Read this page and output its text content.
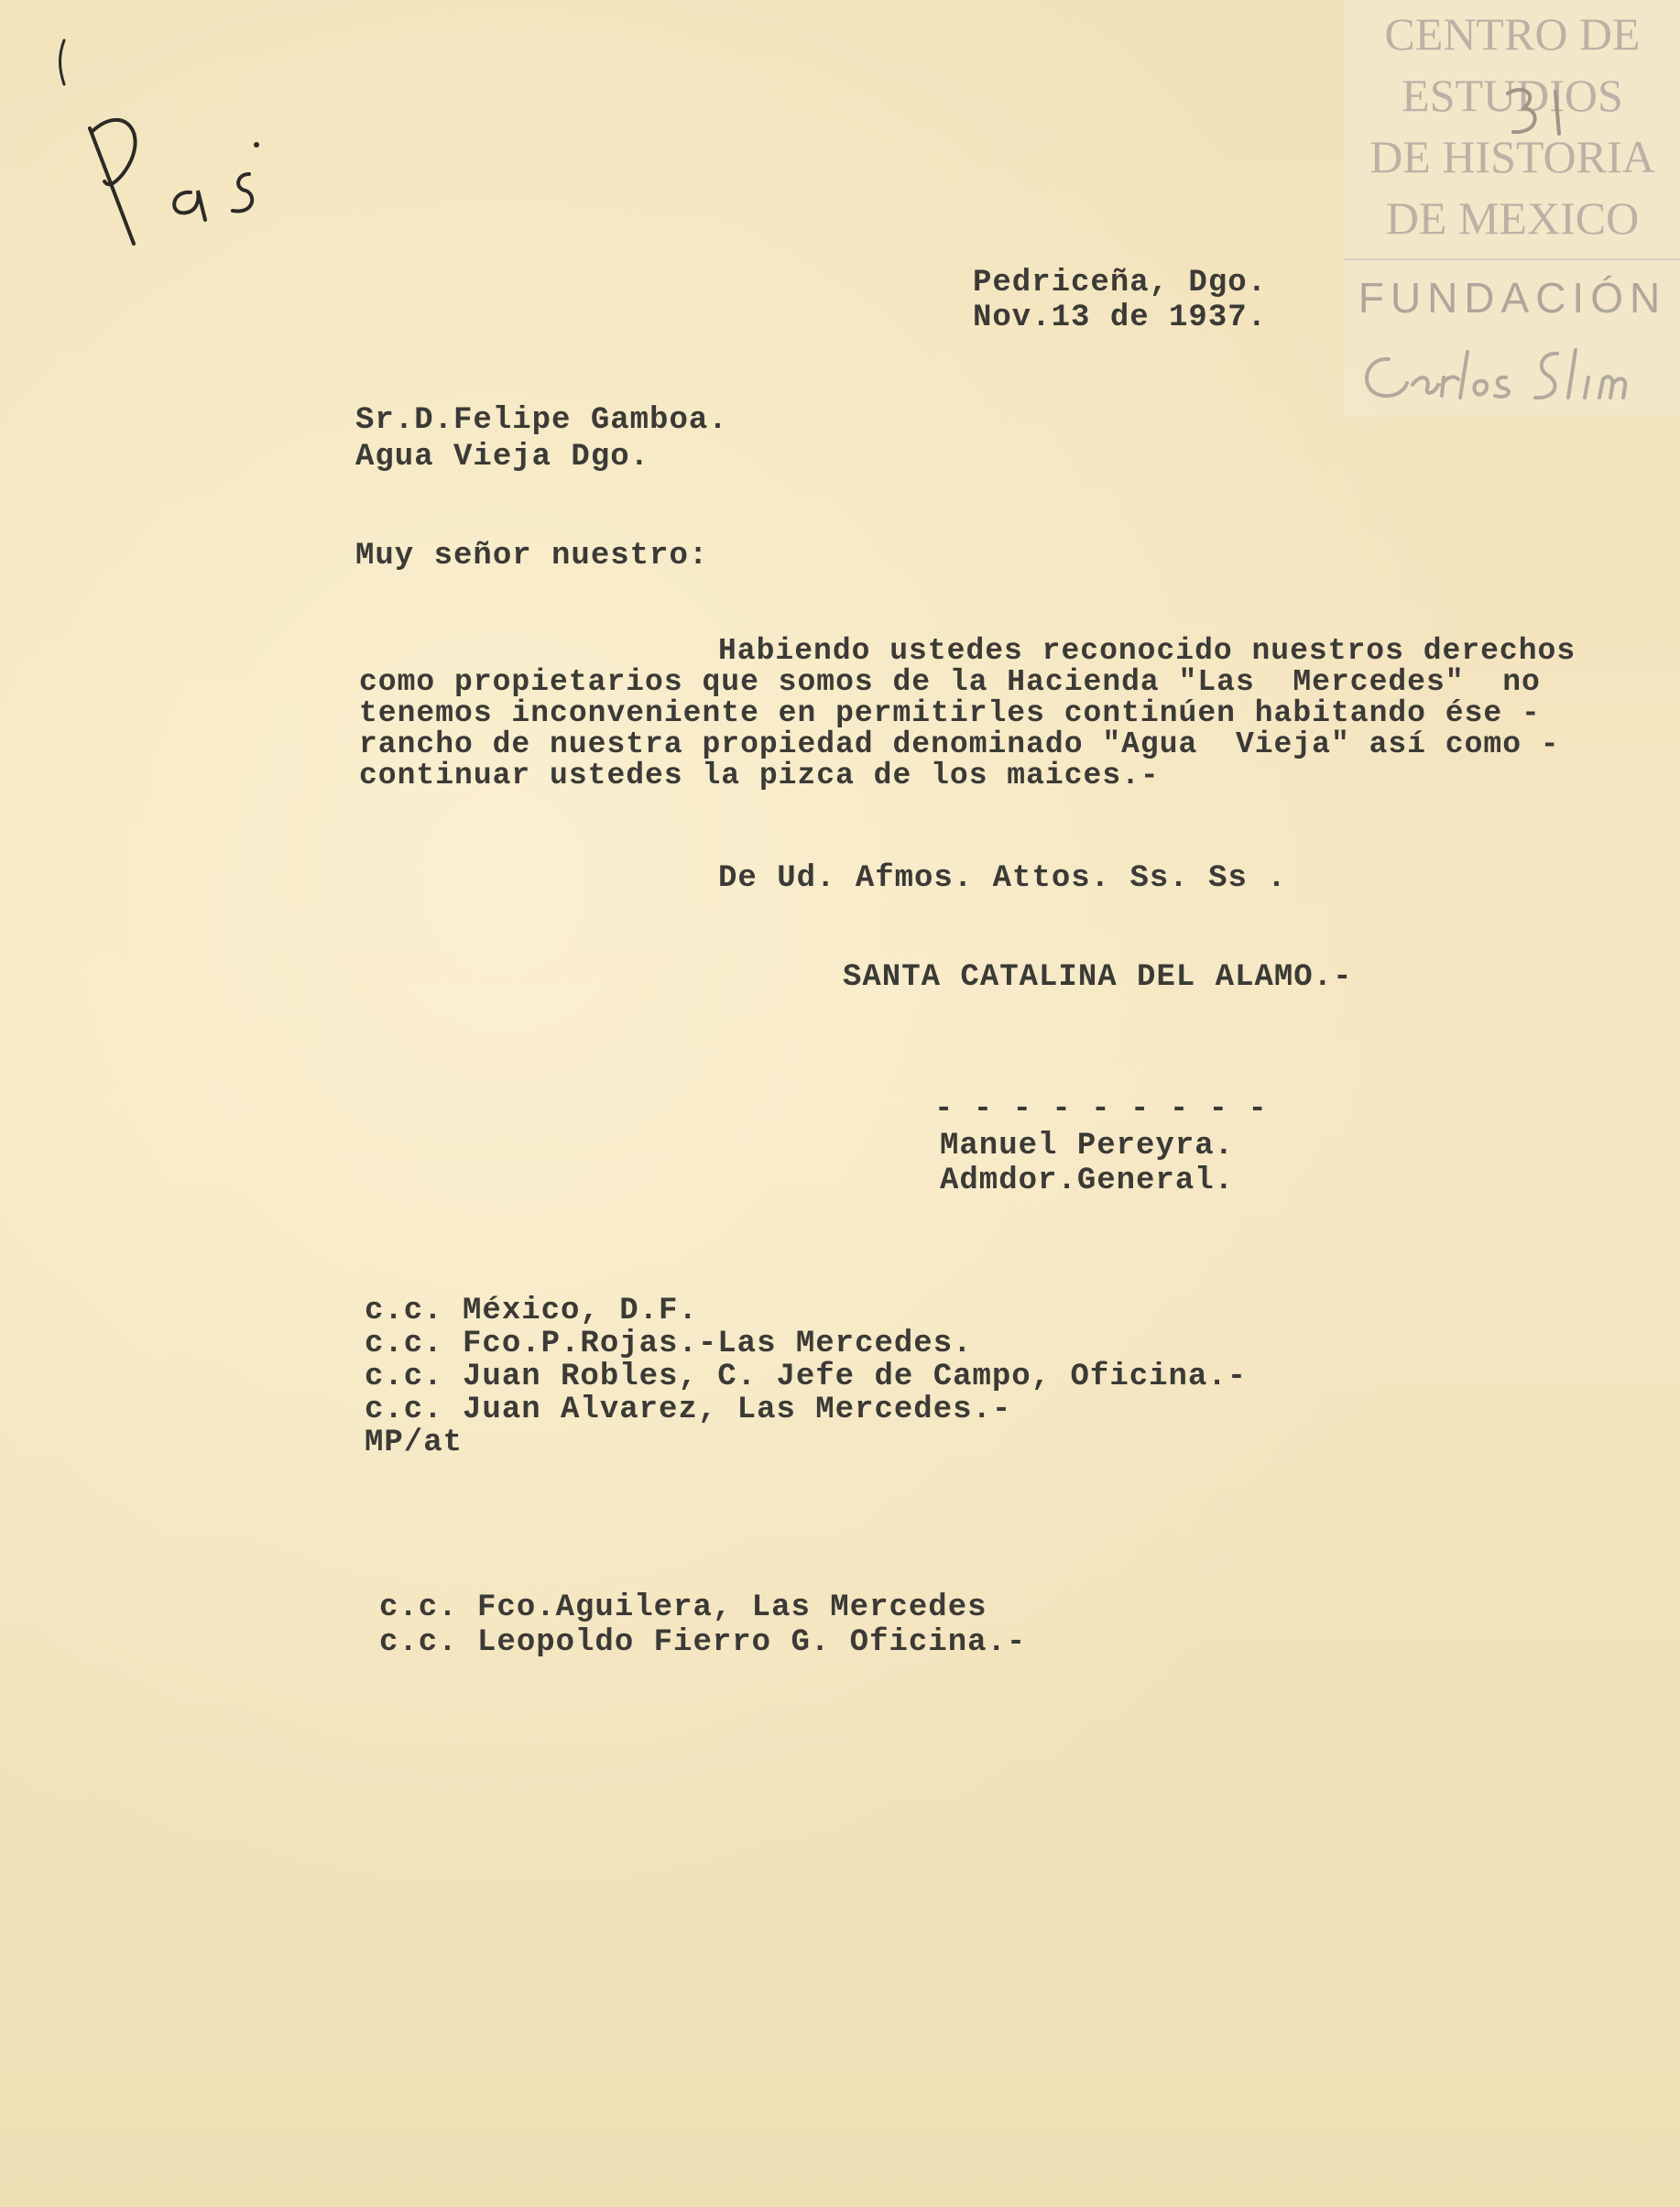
CENTRO DE
ESTUDIOS
DE HISTORIA
DE MEXICO
FUNDACIÓN
Pedriceña, Dgo.
Nov.13 de 1937.
Sr.D.Felipe Gamboa.
Agua Vieja Dgo.
Muy señor nuestro:
Habiendo ustedes reconocido nuestros derechos
como propietarios que somos de la Hacienda "Las  Mercedes"  no
tenemos inconveniente en permitirles continúen habitando ése -
rancho de nuestra propiedad denominado "Agua  Vieja" así como -
continuar ustedes la pizca de los maices.-
De Ud. Afmos. Attos. Ss. Ss .
SANTA CATALINA DEL ALAMO.-
- - - - - - - - -
Manuel Pereyra.
Admdor.General.
c.c. México, D.F.
c.c. Fco.P.Rojas.-Las Mercedes.
c.c. Juan Robles, C. Jefe de Campo, Oficina.-
c.c. Juan Alvarez, Las Mercedes.-
MP/at
c.c. Fco.Aguilera, Las Mercedes
c.c. Leopoldo Fierro G. Oficina.-
